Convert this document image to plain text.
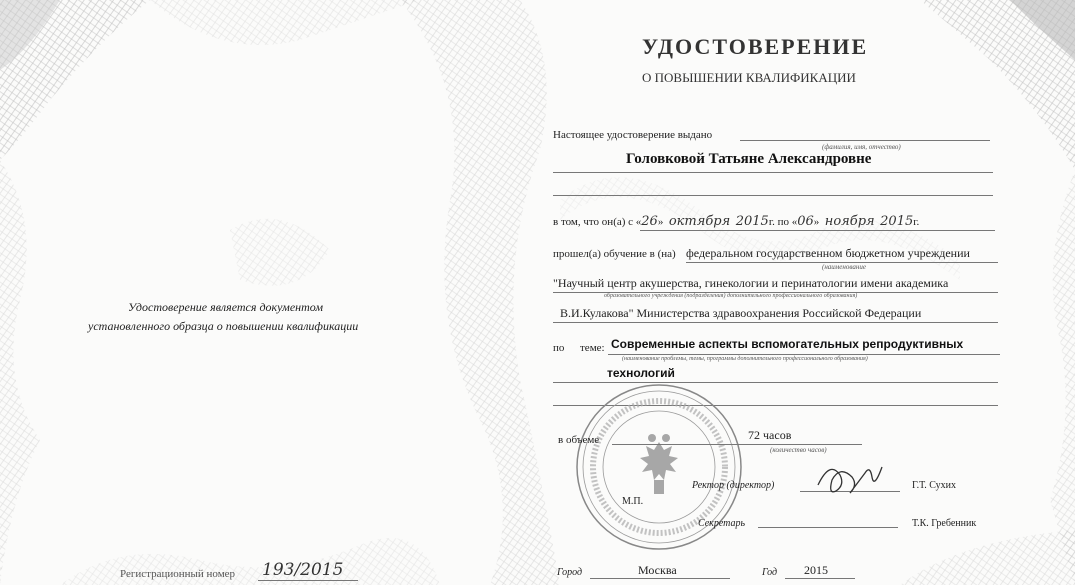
Удостоверение является документом
установленного образца о повышении квалификации
Регистрационный номер 193/2015
УДОСТОВЕРЕНИЕ
О ПОВЫШЕНИИ КВАЛИФИКАЦИИ
Настоящее удостоверение выдано
(фамилия, имя, отчество)
Головковой Татьяне Александровне
в том, что он(а) с «26» октября 2015г. по «06» ноября 2015г.
прошел(а) обучение в (на) федеральном государственном бюджетном учреждении
(наименование
"Научный центр акушерства, гинекологии и перинатологии имени академика
образовательного учреждения (подразделения) дополнительного профессионального образования)
В.И.Кулакова" Министерства здравоохранения Российской Федерации
по теме: Современные аспекты вспомогательных репродуктивных
(наименование проблемы, темы, программы дополнительного профессионального образования)
технологий
в объеме	72 часов
(количество часов)
Ректор (директор)	Г.Т. Сухих
М.П.
Секретарь	Т.К. Гребенник
Город	Москва	Год 2015
